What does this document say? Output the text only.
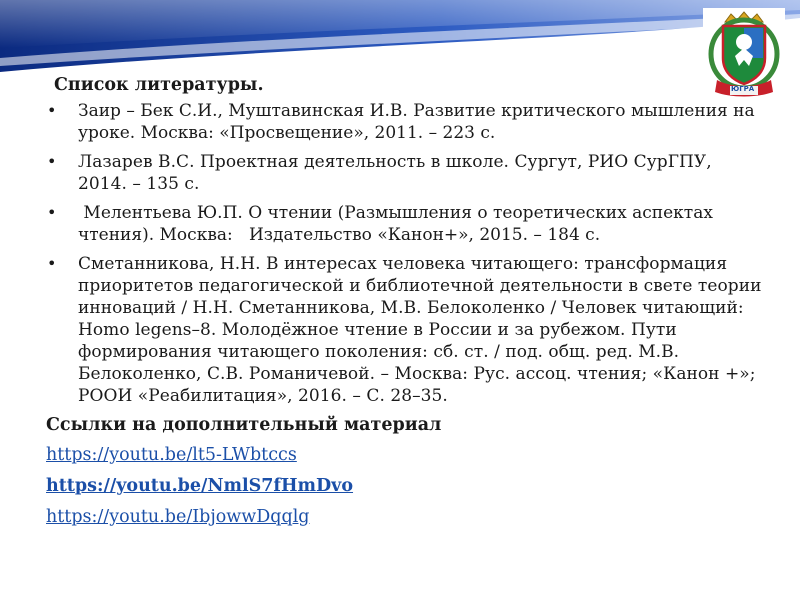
ЮГРА
Список литературы.
• Заир – Бек С.И., Муштавинская И.В. Развитие критического мышления на уроке. Москва: «Просвещение», 2011. – 223 с.
• Лазарев В.С. Проектная деятельность в школе. Сургут, РИО СурГПУ, 2014. – 135 с.
• Мелентьева Ю.П. О чтении (Размышления о теоретических аспектах чтения). Москва:   Издательство «Канон+», 2015. – 184 с.
• Сметанникова, Н.Н. В интересах человека читающего: трансформация приоритетов педагогической и библиотечной деятельности в свете теории инноваций / Н.Н. Сметанникова, М.В. Белоколенко / Человек читающий: Homo legens–8. Молодёжное чтение в России и за рубежом. Пути формирования читающего поколения: сб. ст. / под. общ. ред. М.В. Белоколенко, С.В. Романичевой. – Москва: Рус. ассоц. чтения; «Канон +»; РООИ «Реабилитация», 2016. – С. 28–35.
Ссылки на дополнительный материал
https://youtu.be/lt5-LWbtccs
https://youtu.be/NmlS7fHmDvo
https://youtu.be/IbjowwDqqlg
